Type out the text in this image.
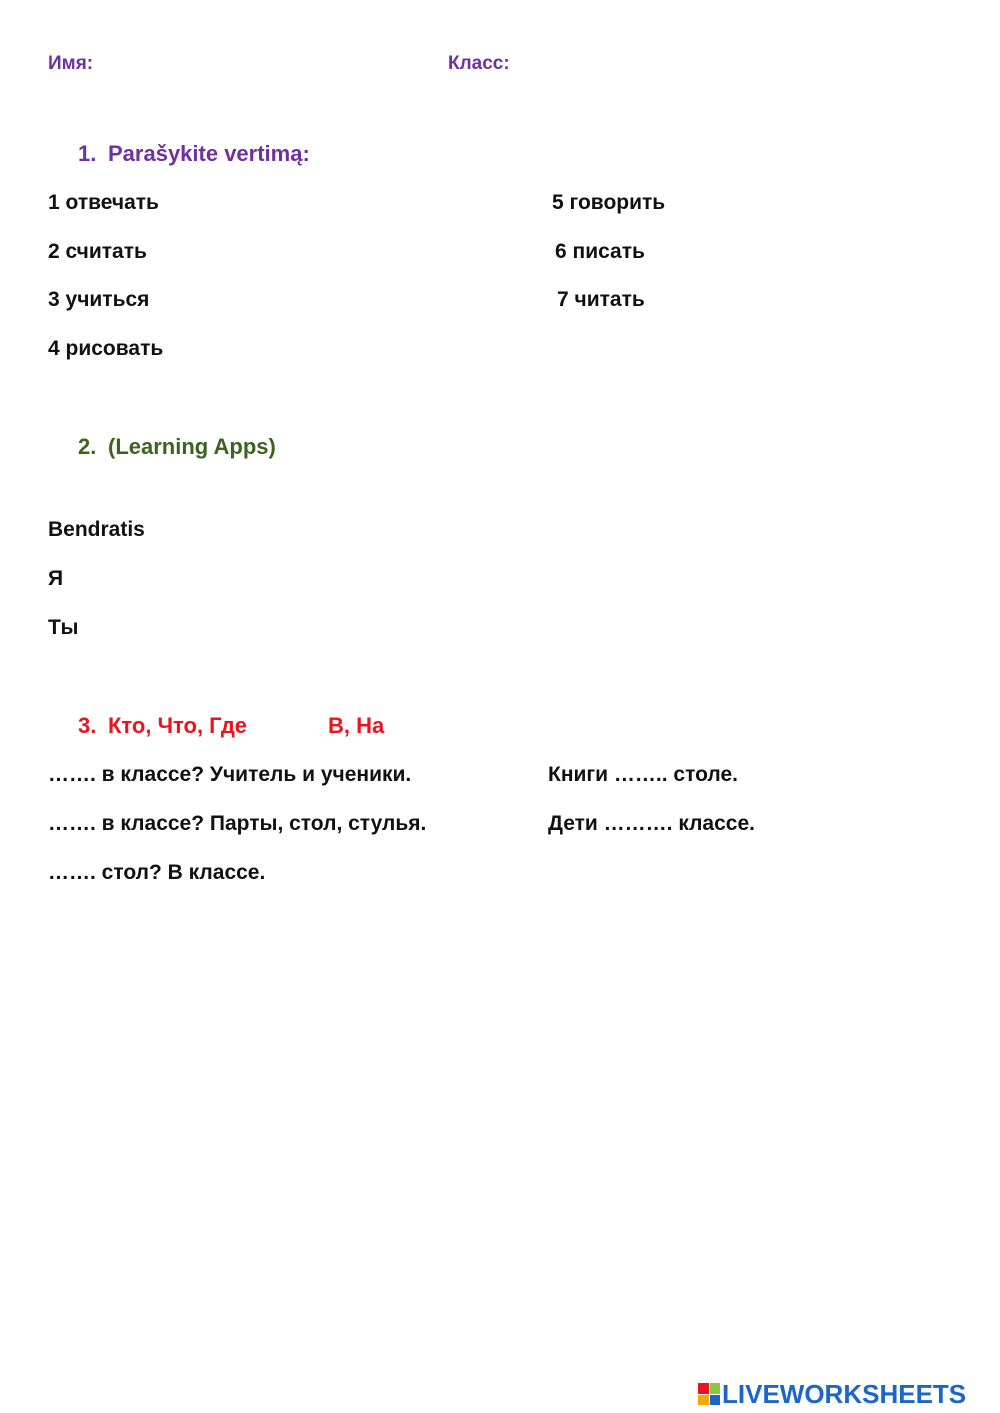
Имя:	Класс:
1. Parašykite vertimą:
1 отвечать
2 считать
3 учиться
4 рисовать
5 говорить
6 писать
7 читать
2. (Learning Apps)
Bendratis
Я
Ты
3. Кто, Что, Где	В, На
……. в классе? Учитель и ученики.
……. в классе? Парты, стол, стулья.
……. стол? В классе.
Книги …….. столе.
Дети ………. классе.
LIVEWORKSHEETS
